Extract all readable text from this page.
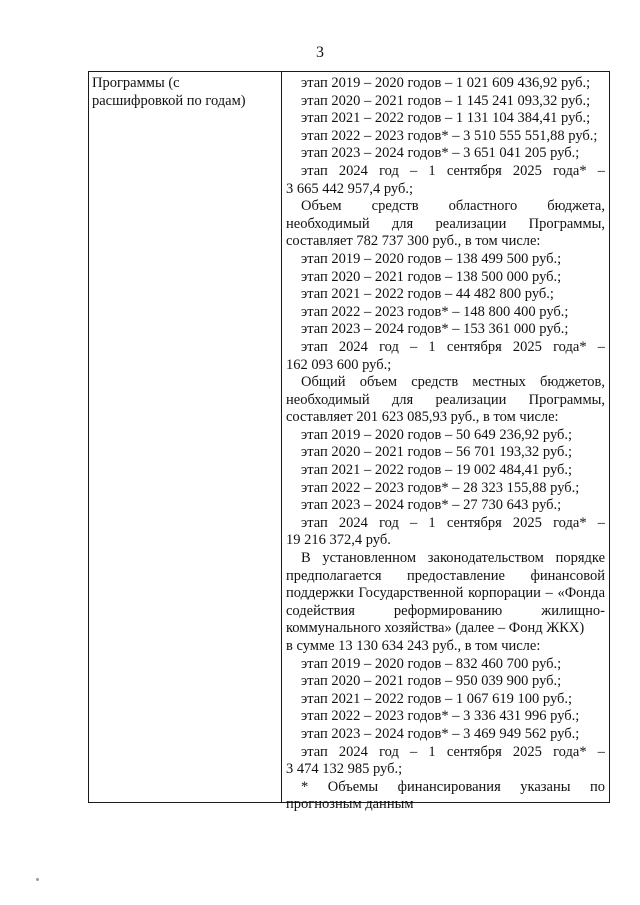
3
Программы (с
расшифровкой по годам)
этап 2019 – 2020 годов – 1 021 609 436,92 руб.;
этап 2020 – 2021 годов – 1 145 241 093,32 руб.;
этап 2021 – 2022 годов – 1 131 104 384,41 руб.;
этап 2022 – 2023 годов* – 3 510 555 551,88 руб.;
этап 2023 – 2024 годов* – 3 651 041 205 руб.;
этап 2024 год – 1 сентября 2025 года* –
3 665 442 957,4 руб.;
Объем средств областного бюджета,
необходимый для реализации Программы,
составляет 782 737 300 руб., в том числе:
этап 2019 – 2020 годов – 138 499 500 руб.;
этап 2020 – 2021 годов – 138 500 000 руб.;
этап 2021 – 2022 годов – 44 482 800 руб.;
этап 2022 – 2023 годов* – 148 800 400 руб.;
этап 2023 – 2024 годов* – 153 361 000 руб.;
этап 2024 год – 1 сентября 2025 года* –
162 093 600 руб.;
Общий объем средств местных бюджетов,
необходимый для реализации Программы,
составляет 201 623 085,93 руб., в том числе:
этап 2019 – 2020 годов – 50 649 236,92 руб.;
этап 2020 – 2021 годов – 56 701 193,32 руб.;
этап 2021 – 2022 годов – 19 002 484,41 руб.;
этап 2022 – 2023 годов* – 28 323 155,88 руб.;
этап 2023 – 2024 годов* – 27 730 643 руб.;
этап 2024 год – 1 сентября 2025 года* –
19 216 372,4 руб.
В установленном законодательством порядке
предполагается предоставление финансовой
поддержки Государственной корпорации – «Фонда
содействия реформированию жилищно-
коммунального хозяйства» (далее – Фонд ЖКХ)
в сумме 13 130 634 243 руб., в том числе:
этап 2019 – 2020 годов – 832 460 700 руб.;
этап 2020 – 2021 годов – 950 039 900 руб.;
этап 2021 – 2022 годов – 1 067 619 100 руб.;
этап 2022 – 2023 годов* – 3 336 431 996 руб.;
этап 2023 – 2024 годов* – 3 469 949 562 руб.;
этап 2024 год – 1 сентября 2025 года* –
3 474 132 985 руб.;
* Объемы финансирования указаны по
прогнозным данным
